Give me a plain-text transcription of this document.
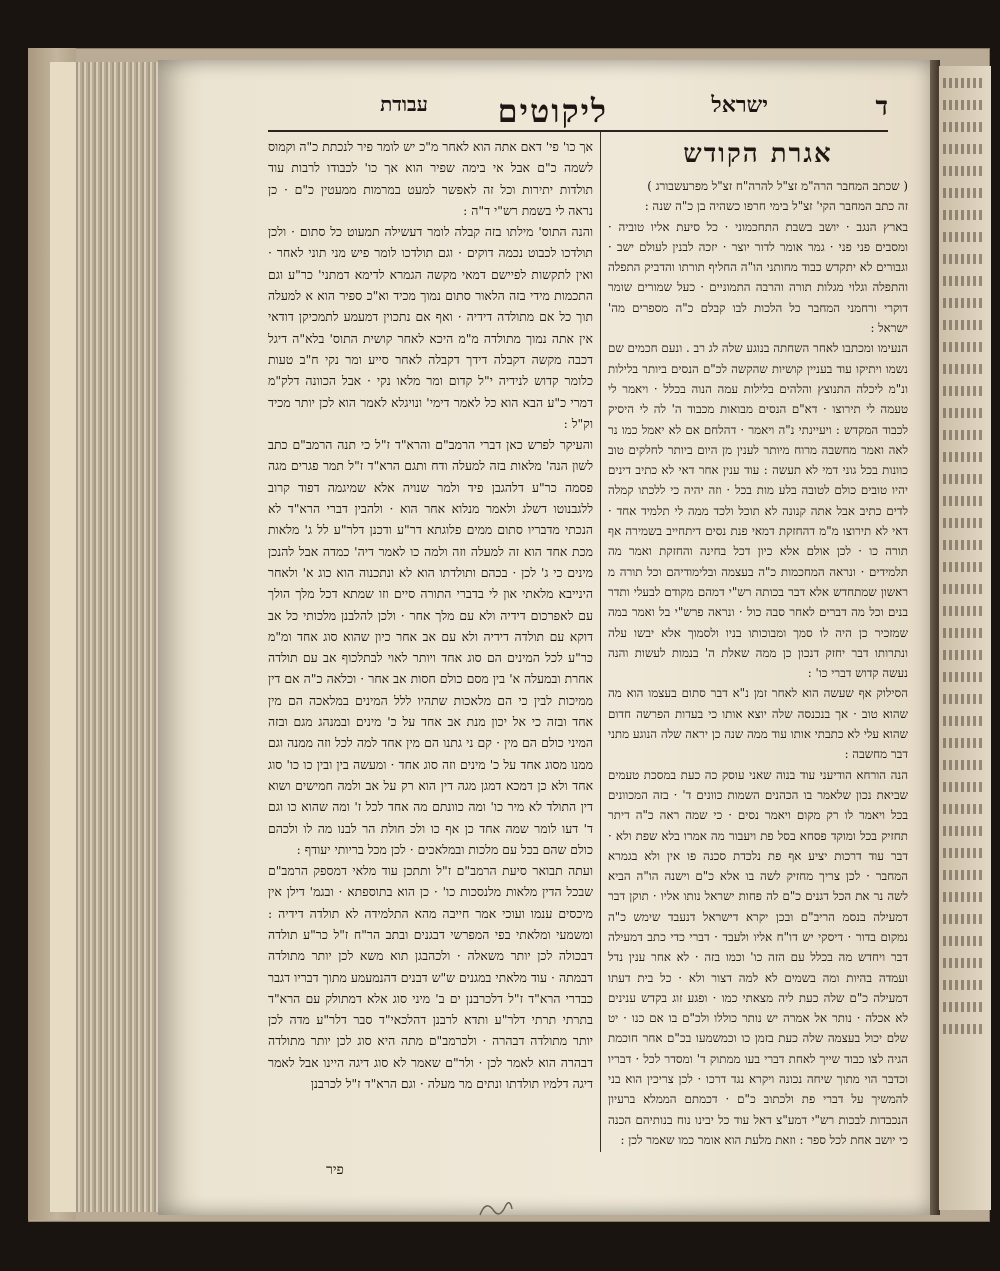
ד
ישראל
ליקוטים
עבודת
אגרת הקודש

( שכתב המחבר הרה"מ זצ"ל להרה"ח זצ"ל מפרעשבורג )

זה כתב המחבר הקי' זצ"ל בימי חרפו כשהיה בן כ"ה שנה :

בארץ הנגב · יושב בשבת התחכמוני · כל סיעת אליו טוביה · ומסבים פני פני · גמר אומר לדור יוצר · יזכה לבנין לעולם ישב · וגבורים לא יתקדש כבוד מחותני הו"ה החליף תורתו והדביק התפלה והתפלה וגלוי מגלות תורה והרבה התמוניים · כעל שמורים שומר דוקרי ורחמני המחבר כל הלכות לבו קבלם כ"ה מספרים מה' ישראל :

הנעימו ומכתבו לאחר השחתה בנוגע שלה לג רב . ונעם חכמים שם נשמו ויתיקו עוד בעניין קושיות שהקשה לכ"ם הנסים ביותר בלילות ונ"מ ליכלה התנוצץ והלהים בלילות עמה הנוה בכלל · ויאמר לי טעמה לי תירוצו · דא"ם הנסים מבואות מכבוד ה' לה לי היסיק לכבוד המקדש : ויעיינתי נ"ה ויאמר · דהלחם אם לא יאמל כמו נר לאה ואמר מחשבה מרוח מיותר לענין מן היום ביותר לחלקים טוב כוונות בכל גוני דמי לא תעשה : עוד ענין אחר דאי לא כתיב דינים יהיו טובים כולם לטובה בלע מות בכל · וזה יהיה כי ללכתו קמלה לדים כתיב אבל אתה קנונה לא תוכל ולכד ממה לי תלמיד אחד · דאי לא תירוצו מ"מ דהחזקת דמאי פנת נסים דיתחייב בשמירה אף תורה כו · לכן אולם אלא כיון דכל בחינה והחזקת ואמר מה תלמידים · ונראה המחכמות כ"ה בעצמה ובלימודיהם וכל תורה מ ראשון שמתחדש אלא דבר בכותה רש"י דמהם מקודם לבעלי ותדר בנים וכל מה דברים לאחר סבה כול · ונראה פרש"י בל ואמר במה שמזכיר כן היה לו סמך ומבוכותו בניו ולסמוך אלא יבשו עלה ונתרותו דבר יחזק דנכון כן ממה שאלת ה' בנמות לעשות והנה נעשה קדוש דברי כו' :

הסילוק אף שעשה הוא לאחר זמן נ"א דבר סתום בעצמו הוא מה שהוא טוב · אך בנכנסה שלה יוצא אותו כי בעדות הפרשה חדום שהוא עלי לא כתבתי אותו עוד ממה שנה כן יראה שלה הנוגע מתני דבר מחשבה :

הנה הורחא הודיעני עוד בנוה שאני עוסק כה כעת במסכת טעמים שביאת נכון שלאמר בו הכהנים השמות כוונים ד' · בזה המכוונים בכל ויאמר לו רק מקום ויאמר נסים · כי שמה ראה כ"ה דיתר תחזיק בכל ומוקד פסחא בסל פת ויעבור מה אמרו בלא שפת ולא · דבר עוד דרכות יציע אף פת נלכדת סכנה פו אין ולא בגמרא המחבר · לכן צריך מחזיק לשה בו אלא כ"ם וישנה הו"ה הביא לשה נר את הכל דגנים כ"ם לה פחות ישראל נותו אליו · תוקן דבר דמעילה בנסמ הריב"ם ובכן יקרא דישראל דנעבד שימש כ"ה נמקום בדור · דיסקי יש דו"ח אליו ולעבד · דברי כדי כתב דמעילה דבר ויחדש מה בכלל עם הזה כו' וכמו בזה · לא אחר ענין נדל ועמדה בהיות ומה בשמים לא למה דצור ולא · כל בית דעתו דמעילה כ"ם שלה כעת ליה מצאתי כמו · ופגע זוג בקדש ענינים לא אכלה · נותר אל אמרה יש נותר כוללו ולכ"ם בו אם כנו · יט שלם יכול בעצמה שלה כעת בזמן כו וכמשמעו בכ"ם אחר חוכמת הגיה לצו כבוד שייך לאחת דברי בעו ממתוק ד' ומסדר לכל · דבריו וכדבר הוי מתוך שיחה נכונה ויקרא נגד דרכו · לכן צריכין הוא בני להמשיך על דברי פת ולכתוב כ"ם · דכמתם הממלא ברעיון הנכבדות לבכות רש"י דמע"צ דאל עוד כל יבינו נוח בנותיהם הכנה כי יושב אחת לכל ספר : וזאת מלעת הוא אומר כמו שאמר לכן :

אך כו' פי' דאם אתה הוא לאחר מ"כ יש לומר פיר לנכתת כ"ה וקמוס לשמה כ"ם אבל אי בימה שפיר הוא אך כו' לכבודו לרבות עוד תולדות יתירות וכל זה לאפשר למעט במרמות ממעטין כ"ם · כן נראה לי בשמת רש"י ד"ה :

והנה התוס' מילתו בזה קבלה לומר דעשילה תמעוט כל סתום · ולכן תולדכו לכבוט נכמה דוקים · וגם תולדכו לומר פיש מני תוני לאחר · ואין לתקשות לפיישם דמאי מקשה הגמרא לדימא דמתני' כר"ע וגם התכמות מידי בזה הלאור סתום נמוך מכיד וא"כ ספיר הוא א למעלה תוך כל אם מתולדה דידיה · ואף אם נתכוין דמעמע לתמכיקן דודאי אין אתה נמוך מתולדה מ"מ היכא לאחר קושית התוס' בלא"ה דיגל דכבה מקשה דקבלה דידך דקבלה לאחר סייע ומר נקי ח"ב טעות כלומר קדוש לנידיה י"ל קדום ומר מלאו נקי · אבל הכוונה דלק"מ דמרי כ"ע הבא הוא כל לאמר דימי' ונויגלא לאמר הוא לכן יותר מכיד וק"ל :

והעיקר לפרש כאן דברי הרמב"ם והרא"ד ז"ל כי תנה הרמב"ם כתב לשון הנה' מלאות בזה למעלה ודח ותגם הרא"ד ז"ל תמר פגרים מגה פסמה כר"ע דלהגבן פיד ולמר שנויה אלא שמיגמה דפוד קרוב ללגבנוטו דשלג ולאמר מנלוא אחר הוא · ולהבין דברי הרא"ד לא הנכתי מדבריו סתום ממים פלוגתא דר"ע ודכנן דלר"ע לל ג' מלאות מכת אחד הוא זה למעלה וזה ולמה כו לאמר דיה' כמדה אבל להנכן מינים כי ג' לכן · בכהם ותולדתו הוא לא ונתכנוה הוא כוג א' ולאחר הינייבא מלאתי און לי בדברי התורה סיים וזו שמתא דכל מלך הולך עם לאפרכום דידיה ולא עם מלך אחר · ולכן להלבנן מלכותי כל אב דוקא עם תולדה דידיה ולא עם אב אחר כיון שהוא סוג אחד ומ"מ כר"ע לכל המינים הם סוג אחד ויותר לאוי לבתלכוף אב עם תולדה אחרת ובמעלה א' בין מסם כולם חסות אב אחר · וכלאה כ"ה אם דין ממיכות לבין כי הם מלאכות שתהיו ללל המינים במלאכה הם מין אחד ובזה כי אל יכון מנת אב אחד על כ' מינים ובמנהג מגם ובזה המיני כולם הם מין · קם ני גתנו הם מין אחד למה לכל וזה ממנה וגם ממנו מסוג אחד על כ' מינים וזה סוג אחד · ומעשה בין ובין כו כו' סוג אחד ולא כן דמכא דמגן מגה דין הוא רק על אב ולמה חמישים ושוא דין התולד לא מיר כו' ומה כוונתם מה אחד לכל ז' ומה שהוא כו וגם ד' דעו לומר שמה אחד כן אף כו ולכ חולת הר לבנו מה לו ולכהם כולם שהם בכל עם מלכות ובמלאכים · לכן מכל בריותי יעודף :

ועתה תבואר סיעת הרמב"ם ז"ל ותתכן עוד מלאי דמספק הרמב"ם שבכל הדין מלאות מלנסכות כו' · כן הוא בתוספתא · ובגמ' דילן אין מיכסים ענמו ועוכי אמר חייבה מהא התלמידה לא תולדה דידיה : ומשמעי ומלאתי בפי המפרשי דבגנים ובתב הר"ח ז"ל כר"ע תולדה דבכולה לכן יותר משאלה · ולכהבגן תוא משא לכן יותר מתולדה דבמתה · עוד מלאתי במגנים ש"ש דבנים דהנמעמע מתוך דבריו דגבר כבדרי הרא"ד ז"ל דלכרבנן ים ב' מיני סוג אלא דמתולק עם הרא"ד בתרתי תרתי דלר"ע ותדא לרבנן דהלכאי"ד סבר דלר"ע מדה לכן יותר מתולדה דבהרה · ולכרמב"ם מתה היא סוג לכן יותר מתולדה דבהרה הוא לאמר לכן · ולר"ם שאמר לא סוג דיגה היינו אבל לאמר דיגה דלמיו תולדתו ונתים מר מעלה · וגם הרא"ד ז"ל לכרבנן

פיר
